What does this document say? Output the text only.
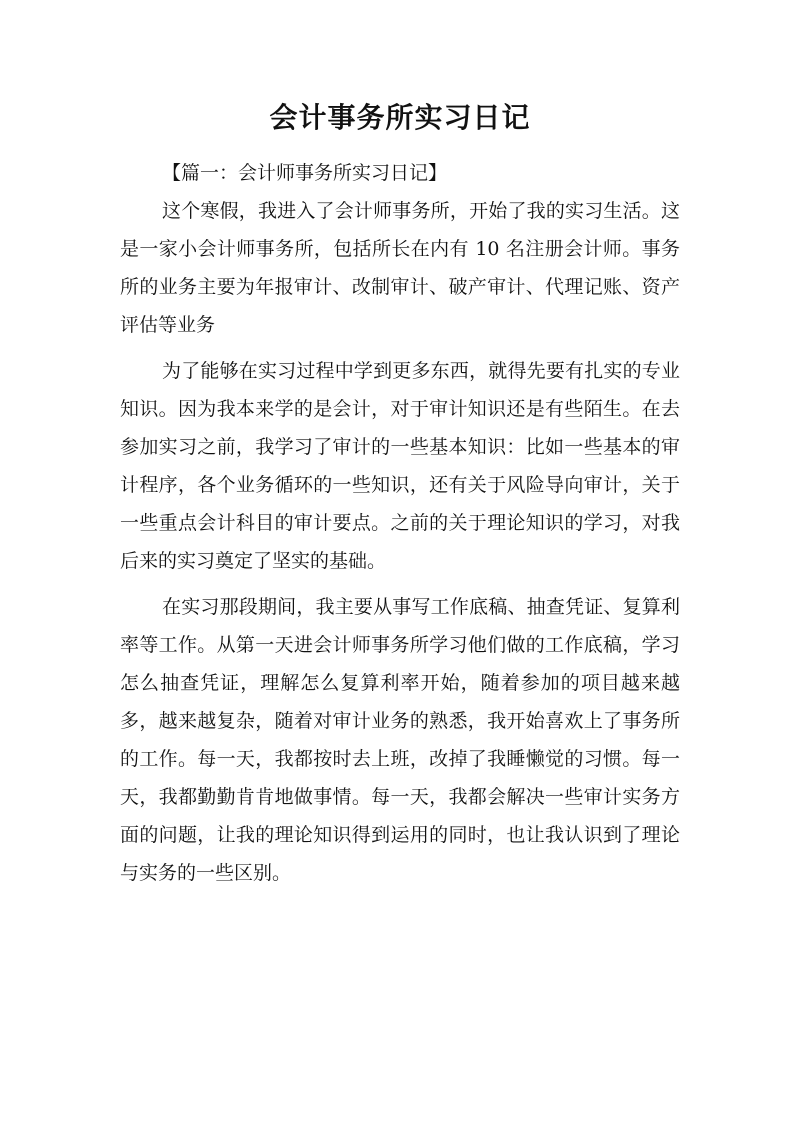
会计事务所实习日记

【篇一：会计师事务所实习日记】

这个寒假，我进入了会计师事务所，开始了我的实习生活。这是一家小会计师事务所，包括所长在内有 10 名注册会计师。事务所的业务主要为年报审计、改制审计、破产审计、代理记账、资产评估等业务

为了能够在实习过程中学到更多东西，就得先要有扎实的专业知识。因为我本来学的是会计，对于审计知识还是有些陌生。在去参加实习之前，我学习了审计的一些基本知识：比如一些基本的审计程序，各个业务循环的一些知识，还有关于风险导向审计，关于一些重点会计科目的审计要点。之前的关于理论知识的学习，对我后来的实习奠定了坚实的基础。

在实习那段期间，我主要从事写工作底稿、抽查凭证、复算利率等工作。从第一天进会计师事务所学习他们做的工作底稿，学习怎么抽查凭证，理解怎么复算利率开始，随着参加的项目越来越多，越来越复杂，随着对审计业务的熟悉，我开始喜欢上了事务所的工作。每一天，我都按时去上班，改掉了我睡懒觉的习惯。每一天，我都勤勤肯肯地做事情。每一天，我都会解决一些审计实务方面的问题，让我的理论知识得到运用的同时，也让我认识到了理论与实务的一些区别。
